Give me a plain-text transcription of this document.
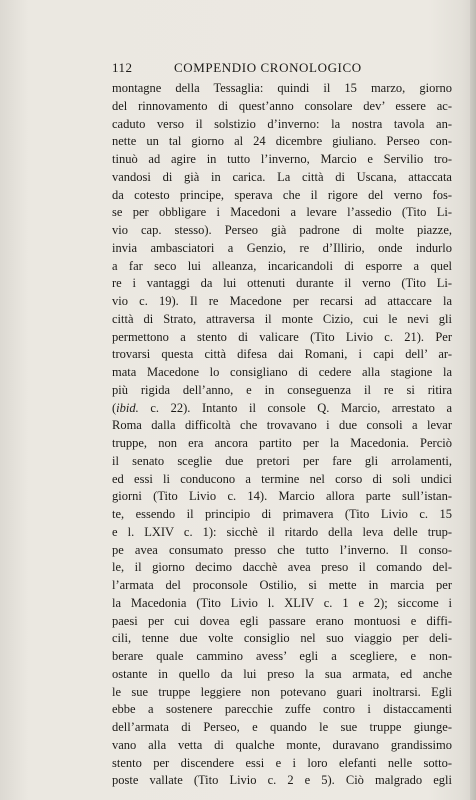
112	COMPENDIO CRONOLOGICO
montagne della Tessaglia: quindi il 15 marzo, giorno
del rinnovamento di quest’anno consolare dev’ essere ac-
caduto verso il solstizio d’inverno: la nostra tavola an-
nette un tal giorno al 24 dicembre giuliano. Perseo con-
tinuò ad agire in tutto l’inverno, Marcio e Servilio tro-
vandosi di già in carica. La città di Uscana, attaccata
da cotesto principe, sperava che il rigore del verno fos-
se per obbligare i Macedoni a levare l’assedio (Tito Li-
vio cap. stesso). Perseo già padrone di molte piazze,
invia ambasciatori a Genzio, re d’Illirio, onde indurlo
a far seco lui alleanza, incaricandoli di esporre a quel
re i vantaggi da lui ottenuti durante il verno (Tito Li-
vio c. 19). Il re Macedone per recarsi ad attaccare la
città di Strato, attraversa il monte Cizio, cui le nevi gli
permettono a stento di valicare (Tito Livio c. 21). Per
trovarsi questa città difesa dai Romani, i capi dell’ ar-
mata Macedone lo consigliano di cedere alla stagione la
più rigida dell’anno, e in conseguenza il re si ritira
(ibid. c. 22). Intanto il console Q. Marcio, arrestato a
Roma dalla difficoltà che trovavano i due consoli a levar
truppe, non era ancora partito per la Macedonia. Perciò
il senato sceglie due pretori per fare gli arrolamenti,
ed essi li conducono a termine nel corso di soli undici
giorni (Tito Livio c. 14). Marcio allora parte sull’istan-
te, essendo il principio di primavera (Tito Livio c. 15
e l. LXIV c. 1): sicchè il ritardo della leva delle trup-
pe avea consumato presso che tutto l’inverno. Il conso-
le, il giorno decimo dacchè avea preso il comando del-
l’armata del proconsole Ostilio, si mette in marcia per
la Macedonia (Tito Livio l. XLIV c. 1 e 2); siccome i
paesi per cui dovea egli passare erano montuosi e diffi-
cili, tenne due volte consiglio nel suo viaggio per deli-
berare quale cammino avess’ egli a scegliere, e non-
ostante in quello da lui preso la sua armata, ed anche
le sue truppe leggiere non potevano guari inoltrarsi. Egli
ebbe a sostenere parecchie zuffe contro i distaccamenti
dell’armata di Perseo, e quando le sue truppe giunge-
vano alla vetta di qualche monte, duravano grandissimo
stento per discendere essi e i loro elefanti nelle sotto-
poste vallate (Tito Livio c. 2 e 5). Ciò malgrado egli
